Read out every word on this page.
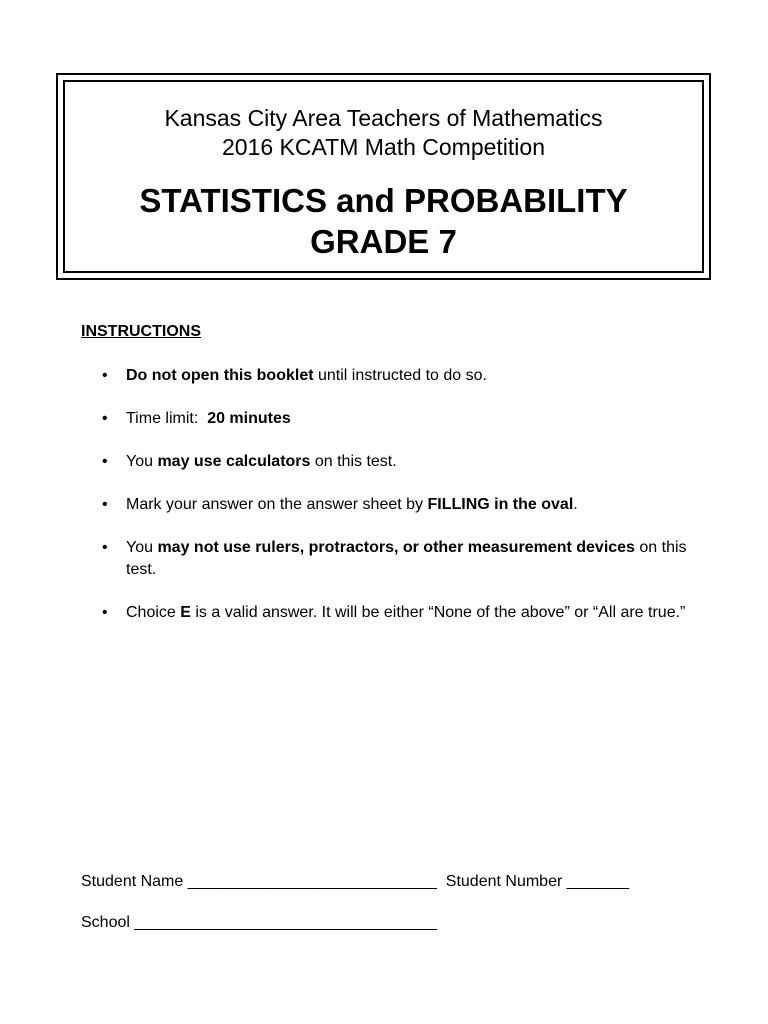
Kansas City Area Teachers of Mathematics
2016 KCATM Math Competition
STATISTICS and PROBABILITY
GRADE 7
INSTRUCTIONS
• Do not open this booklet until instructed to do so.
• Time limit:  20 minutes
• You may use calculators on this test.
• Mark your answer on the answer sheet by FILLING in the oval.
• You may not use rulers, protractors, or other measurement devices on this test.
• Choice E is a valid answer. It will be either “None of the above” or “All are true.”
Student Name ____________________________ Student Number _______
School __________________________________
